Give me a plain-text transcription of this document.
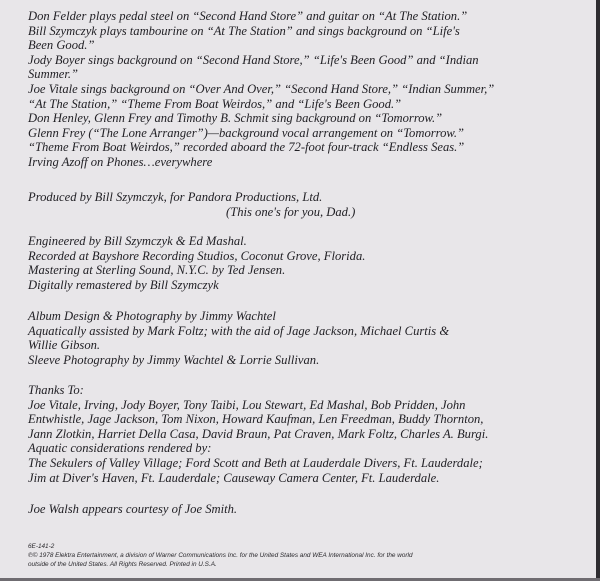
Don Felder plays pedal steel on “Second Hand Store” and guitar on “At The Station.”

Bill Szymczyk plays tambourine on “At The Station” and sings background on “Life's

Been Good.”

Jody Boyer sings background on “Second Hand Store,” “Life's Been Good” and “Indian

Summer.”

Joe Vitale sings background on “Over And Over,” “Second Hand Store,” “Indian Summer,”

“At The Station,” “Theme From Boat Weirdos,” and “Life's Been Good.”

Don Henley, Glenn Frey and Timothy B. Schmit sing background on “Tomorrow.”

Glenn Frey (“The Lone Arranger”)—background vocal arrangement on “Tomorrow.”

“Theme From Boat Weirdos,” recorded aboard the 72-foot four-track “Endless Seas.”

Irving Azoff on Phones…everywhere

Produced by Bill Szymczyk, for Pandora Productions, Ltd.

(This one's for you, Dad.)

Engineered by Bill Szymczyk & Ed Mashal.

Recorded at Bayshore Recording Studios, Coconut Grove, Florida.

Mastering at Sterling Sound, N.Y.C. by Ted Jensen.

Digitally remastered by Bill Szymczyk

Album Design & Photography by Jimmy Wachtel

Aquatically assisted by Mark Foltz; with the aid of Jage Jackson, Michael Curtis &

Willie Gibson.

Sleeve Photography by Jimmy Wachtel & Lorrie Sullivan.

Thanks To:

Joe Vitale, Irving, Jody Boyer, Tony Taibi, Lou Stewart, Ed Mashal, Bob Pridden, John

Entwhistle, Jage Jackson, Tom Nixon, Howard Kaufman, Len Freedman, Buddy Thornton,

Jann Zlotkin, Harriet Della Casa, David Braun, Pat Craven, Mark Foltz, Charles A. Burgi.

Aquatic considerations rendered by:

The Sekulers of Valley Village; Ford Scott and Beth at Lauderdale Divers, Ft. Lauderdale;

Jim at Diver's Haven, Ft. Lauderdale; Causeway Camera Center, Ft. Lauderdale.

Joe Walsh appears courtesy of Joe Smith.

6E-141-2

℗© 1978 Elektra Entertainment, a division of Warner Communications Inc. for the United States and WEA International Inc. for the world

outside of the United States. All Rights Reserved. Printed in U.S.A.
